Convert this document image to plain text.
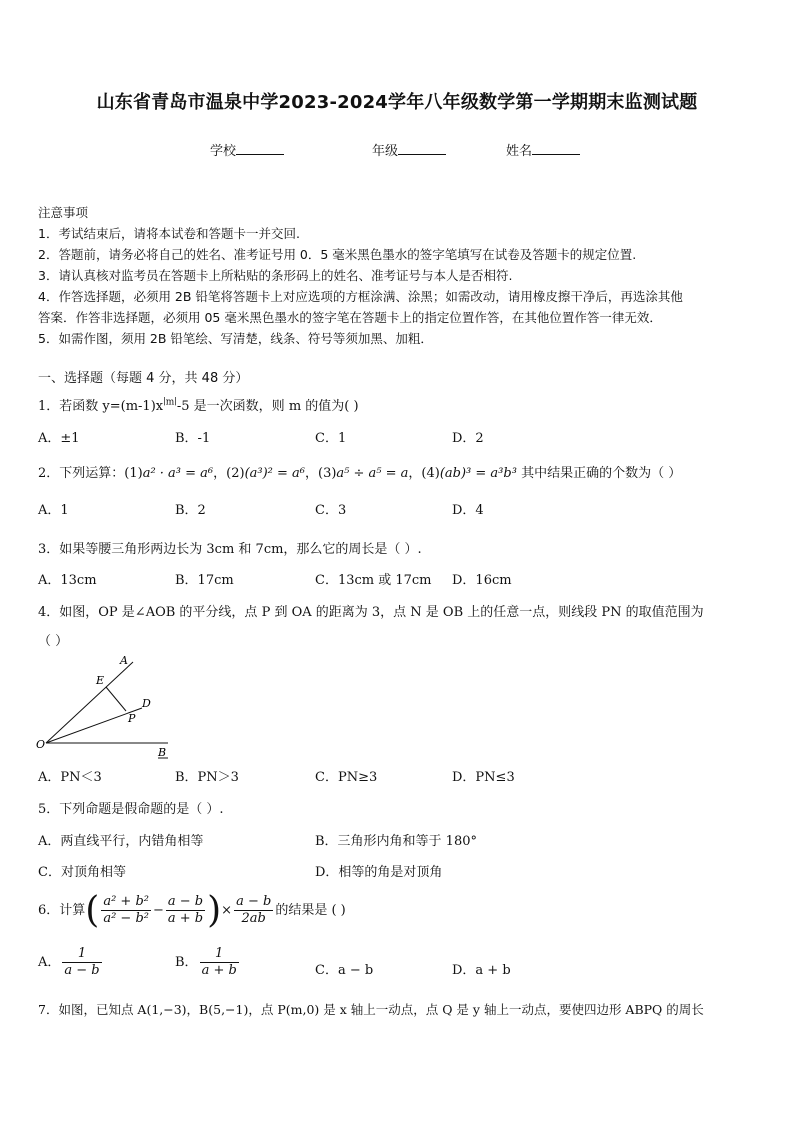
山东省青岛市温泉中学2023-2024学年八年级数学第一学期期末监测试题
学校	年级	姓名
注意事项
1．考试结束后，请将本试卷和答题卡一并交回.
2．答题前，请务必将自己的姓名、准考证号用 0．5 毫米黑色墨水的签字笔填写在试卷及答题卡的规定位置.
3．请认真核对监考员在答题卡上所粘贴的条形码上的姓名、准考证号与本人是否相符.
4．作答选择题，必须用 2B 铅笔将答题卡上对应选项的方框涂满、涂黑；如需改动，请用橡皮擦干净后，再选涂其他
答案．作答非选择题，必须用 05 毫米黑色墨水的签字笔在答题卡上的指定位置作答，在其他位置作答一律无效．
5．如需作图，须用 2B 铅笔绘、写清楚，线条、符号等须加黑、加粗．
一、选择题（每题 4 分，共 48 分）
1．若函数 $y=(m-1)x^{∣m∣}-5$ 是一次函数，则 m 的值为( )
A．±1	B．-1	C．1	D．2
2．下列运算：(1)a² · a³ = a⁶，(2)(a³)² = a⁶，(3)a⁵ ÷ a⁵ = a，(4)(ab)³ = a³b³ 其中结果正确的个数为（ ）
A．1	B．2	C．3	D．4
3．如果等腰三角形两边长为 3cm 和 7cm，那么它的周长是（ ）.
A．13cm	B．17cm	C．13cm 或 17cm D．16cm
4．如图，OP 是∠AOB 的平分线，点 P 到 OA 的距离为 3，点 N 是 OB 上的任意一点，则线段 PN 的取值范围为
（ ）
A
E
D
P
O
B
A．PN＜3	B．PN＞3	C．PN≥3	D．PN≤3
5．下列命题是假命题的是（ ）.
A．两直线平行，内错角相等	B．三角形内角和等于 180°
C．对顶角相等	D．相等的角是对顶角
6．计算( $\frac{\text{a² + b²}}{\text{a² − b²}} - \frac{a - b}{a + b}$ )× $\frac{a - b}{2ab}$ 的结果是 ( )
A． $\frac{1}{a - b}$	B． $\frac{1}{a + b}$	C．a − b	D．a + b
7．如图，已知点 A(1,−3)，B(5,−1)，点 P(m,0) 是 x 轴上一动点，点 Q 是 y 轴上一动点，要使四边形 ABPQ 的周长
